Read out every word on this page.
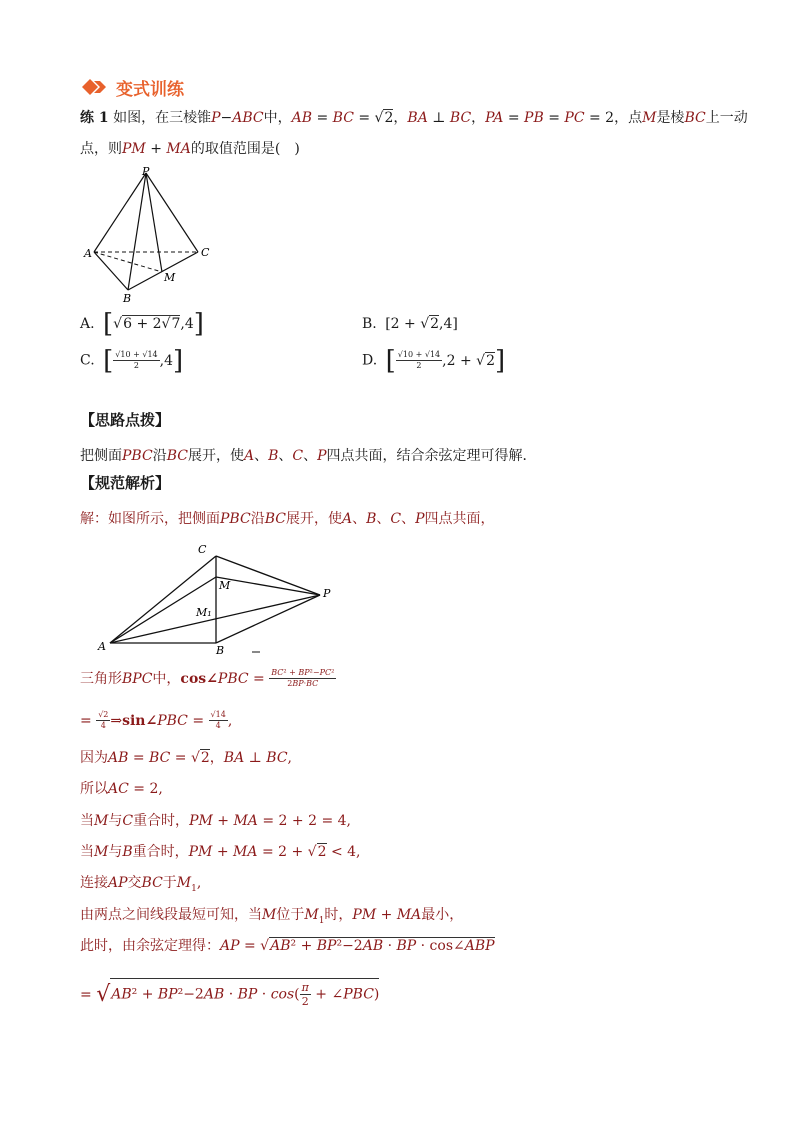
变式训练
练 1 如图，在三棱锥P−ABC中，AB = BC = √2，BA ⊥ BC，PA = PB = PC = 2，点M是棱BC上一动
点，则PM + MA的取值范围是(　)
P
A	C
M
B
A. [√6 + 2√7,4]	B. [2 + √2,4]
C. [ $\frac{√10 + √14}{2} ,4$]	D. [ $\frac{√10 + √14}{2} ,2 + √2$]
【思路点拨】
把侧面PBC沿BC展开，使A、B、C、P四点共面，结合余弦定理可得解．
【规范解析】
解：如图所示，把侧面PBC沿BC展开，使A、B、C、P四点共面，
C
M
M₁
P
A	B
三角形BPC中，cos∠PBC = $\frac{\text{BC² + BP²−PC²}}{2BP\cdot BC}$
= $\frac{√2}{4}$ ⇒sin∠PBC = $\frac{√14}{4}$ ,
因为AB = BC = √2，BA ⊥ BC,
所以AC = 2,
当M与C重合时，PM + MA = 2 + 2 = 4,
当M与B重合时，PM + MA = 2 + √2 < 4,
连接AP交BC于$M_1$,
由两点之间线段最短可知，当M位于$M_1$时，PM + MA最小，
此时，由余弦定理得：AP = √AB² + BP²−2AB · BP · cos∠ABP
= √AB² + BP²−2AB · BP · $\cos( \frac{\pi}{2}$ + ∠PBC)
